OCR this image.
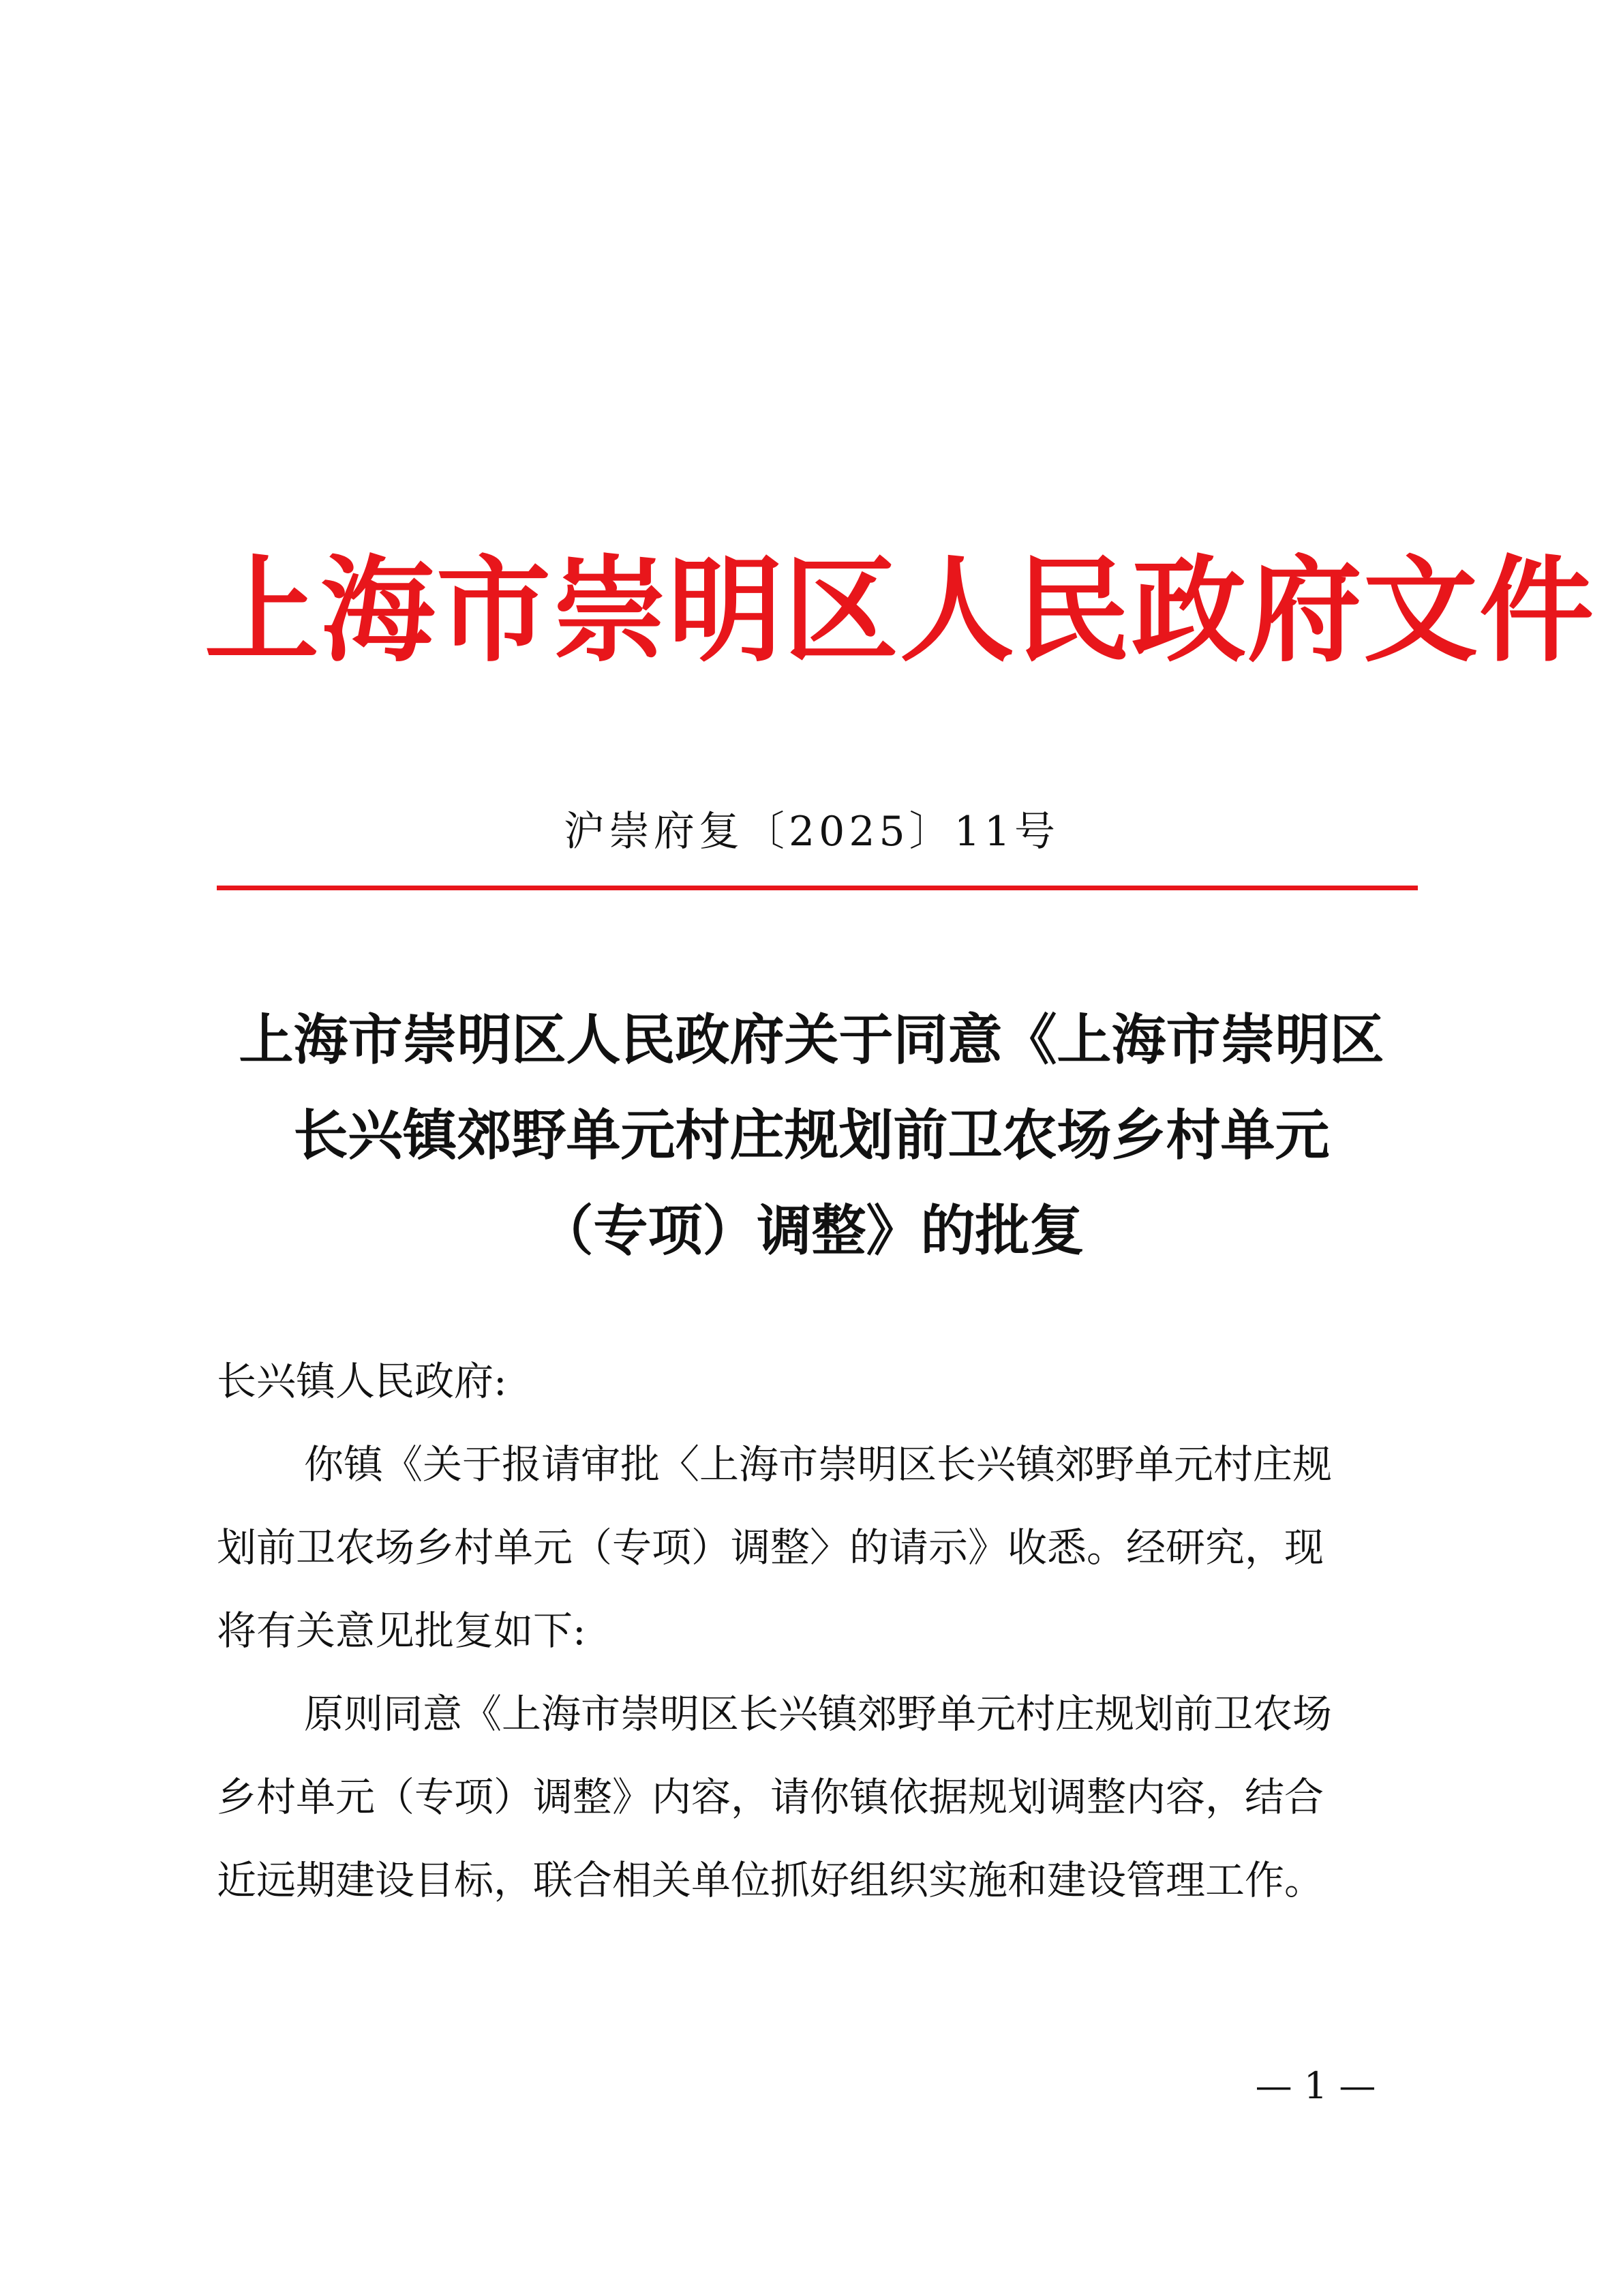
上海市崇明区人民政府文件
沪崇府复〔2025〕11号
上海市崇明区人民政府关于同意《上海市崇明区
长兴镇郊野单元村庄规划前卫农场乡村单元
（专项）调整》的批复

长兴镇人民政府:

你镇《关于报请审批〈上海市崇明区长兴镇郊野单元村庄规

划前卫农场乡村单元（专项）调整〉的请示》收悉。经研究，现

将有关意见批复如下:

原则同意《上海市崇明区长兴镇郊野单元村庄规划前卫农场

乡村单元（专项）调整》内容，请你镇依据规划调整内容，结合

近远期建设目标，联合相关单位抓好组织实施和建设管理工作。

— 1 —
